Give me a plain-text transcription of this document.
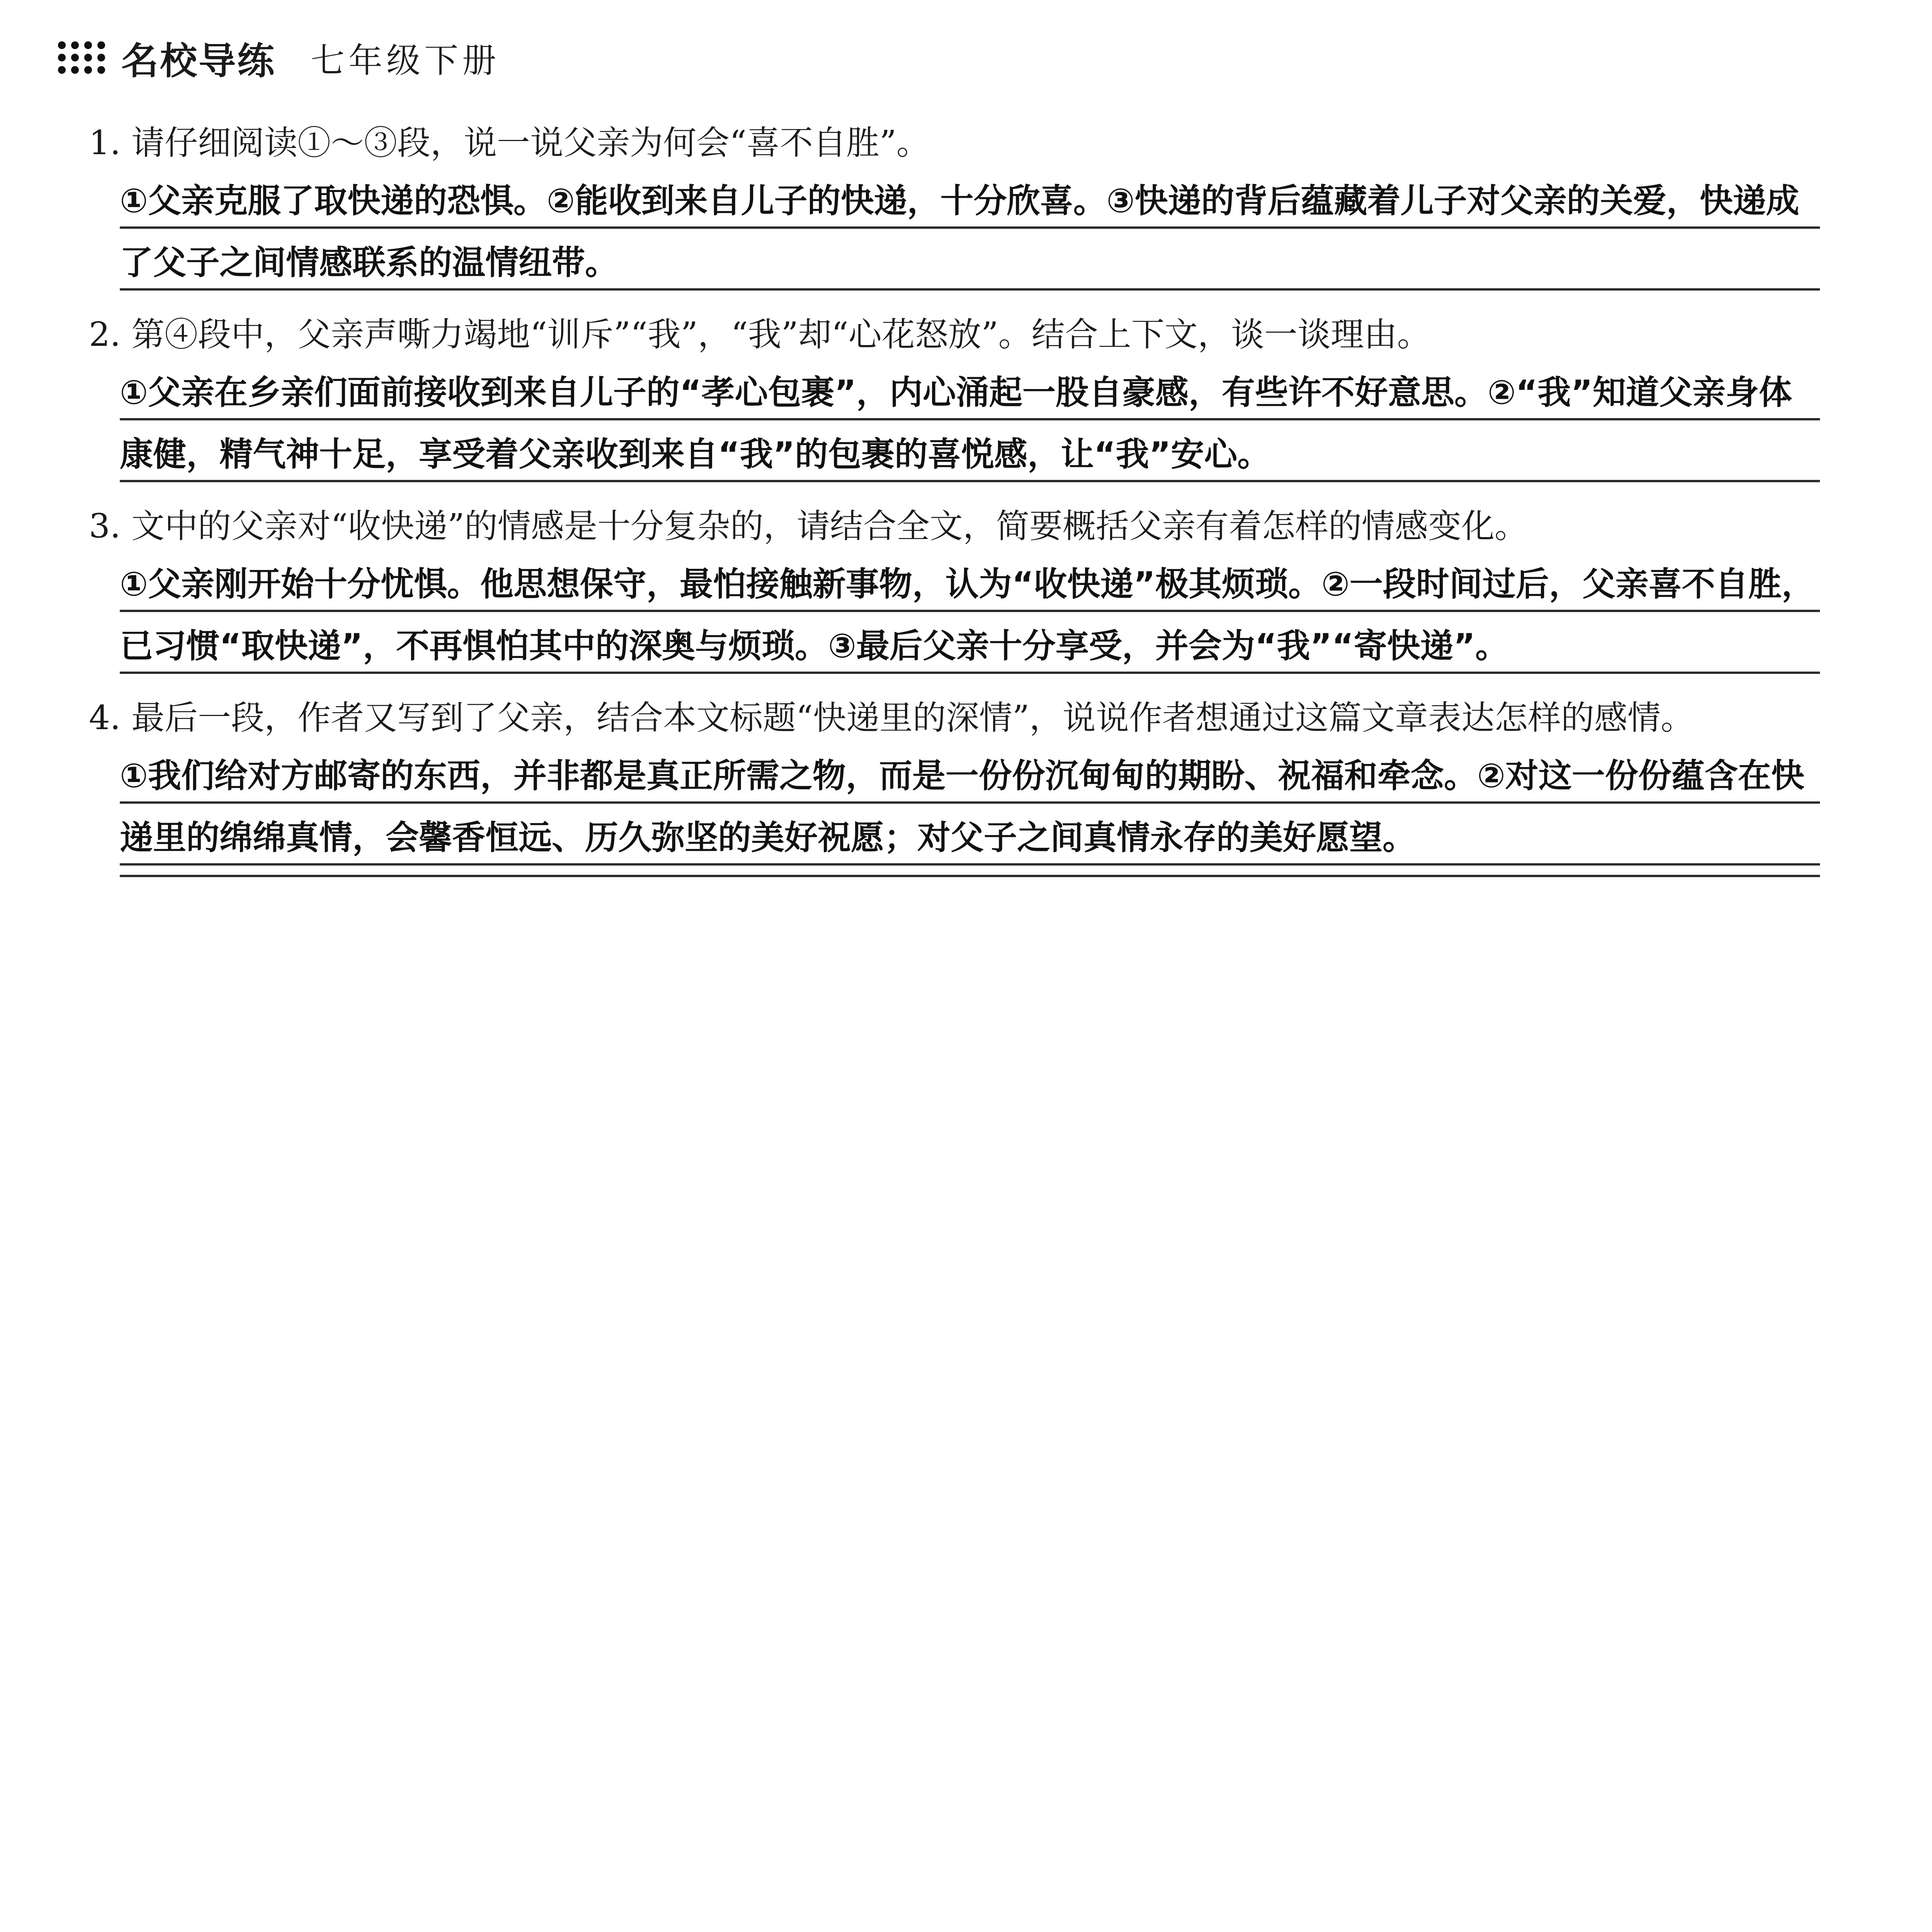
名校导练 七年级下册
1. 请仔细阅读①～③段，说一说父亲为何会“喜不自胜”。
①父亲克服了取快递的恐惧。②能收到来自儿子的快递，十分欣喜。③快递的背后蕴藏着儿子对父亲的关爱，快递成了父子之间情感联系的温情纽带。
2. 第④段中，父亲声嘶力竭地“训斥”“我”，“我”却“心花怒放”。结合上下文，谈一谈理由。
①父亲在乡亲们面前接收到来自儿子的“孝心包裹”，内心涌起一股自豪感，有些许不好意思。②“我”知道父亲身体康健，精气神十足，享受着父亲收到来自“我”的包裹的喜悦感，让“我”安心。
3. 文中的父亲对“收快递”的情感是十分复杂的，请结合全文，简要概括父亲有着怎样的情感变化。
①父亲刚开始十分忧惧。他思想保守，最怕接触新事物，认为“收快递”极其烦琐。②一段时间过后，父亲喜不自胜，已习惯“取快递”，不再惧怕其中的深奥与烦琐。③最后父亲十分享受，并会为“我”“寄快递”。
4. 最后一段，作者又写到了父亲，结合本文标题“快递里的深情”，说说作者想通过这篇文章表达怎样的感情。
①我们给对方邮寄的东西，并非都是真正所需之物，而是一份份沉甸甸的期盼、祝福和牵念。②对这一份份蕴含在快递里的绵绵真情，会馨香恒远、历久弥坚的美好祝愿；对父子之间真情永存的美好愿望。
